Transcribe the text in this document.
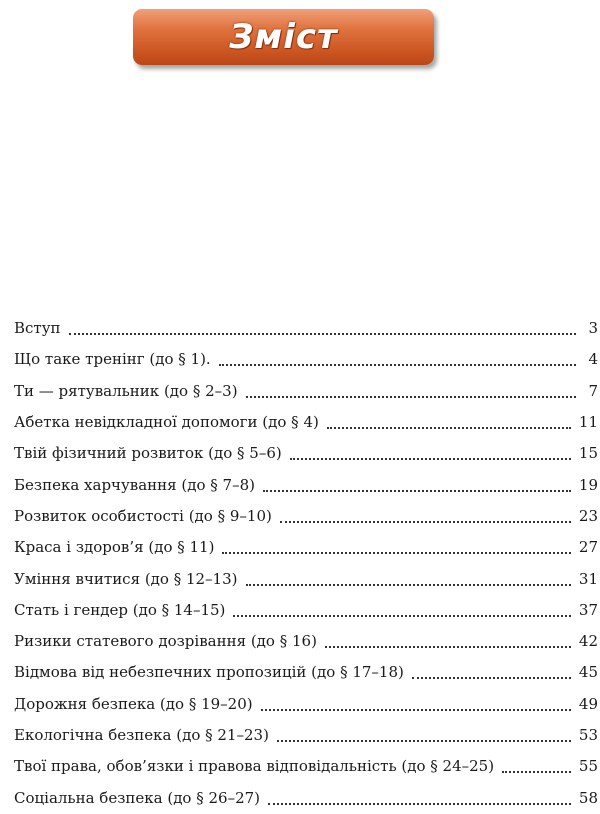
Зміст
Вступ	3
Що таке тренінг (до § 1).	4
Ти — рятувальник (до § 2–3)	7
Абетка невідкладної допомоги (до § 4)	11
Твій фізичний розвиток (до § 5–6)	15
Безпека харчування (до § 7–8)	19
Розвиток особистості (до § 9–10)	23
Краса і здоров’я (до § 11)	27
Уміння вчитися (до § 12–13)	31
Стать і гендер (до § 14–15)	37
Ризики статевого дозрівання (до § 16)	42
Відмова від небезпечних пропозицій (до § 17–18)	45
Дорожня безпека (до § 19–20)	49
Екологічна безпека (до § 21–23)	53
Твої права, обов’язки і правова відповідальність (до § 24–25)	55
Соціальна безпека (до § 26–27)	58
